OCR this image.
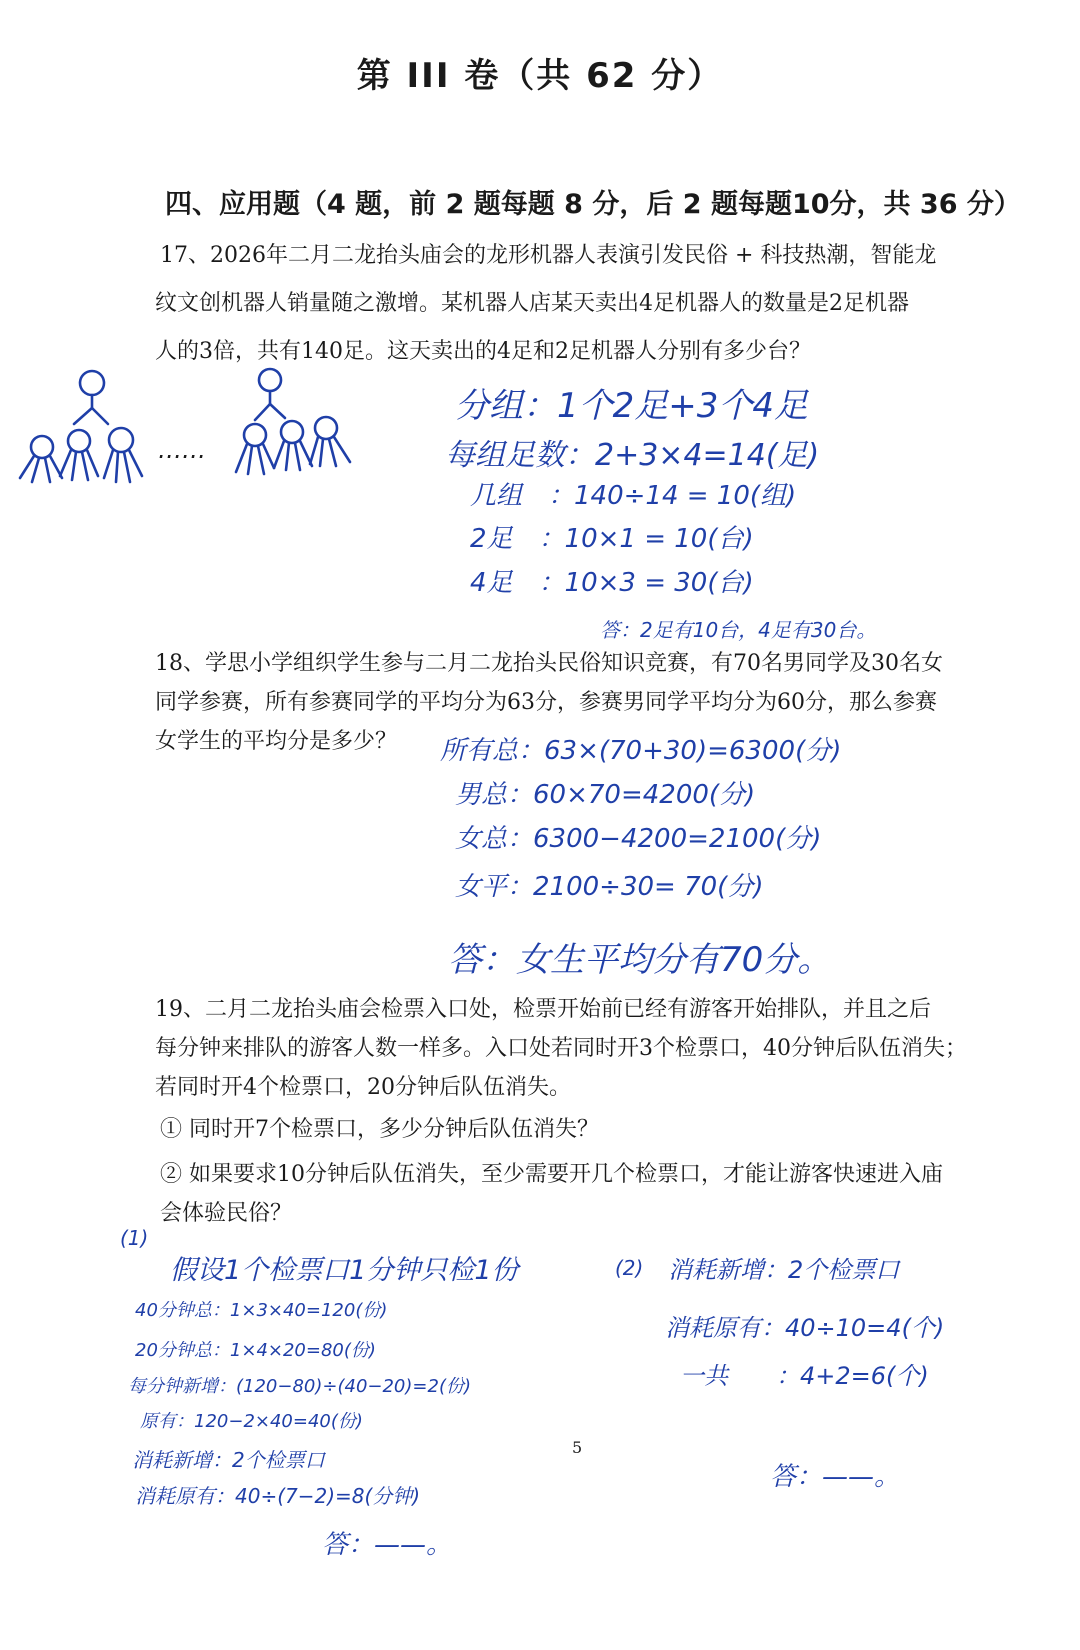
第 III 卷（共 62 分）
四、应用题（4 题，前 2 题每题 8 分，后 2 题每题10分，共 36 分）
17、2026年二月二龙抬头庙会的龙形机器人表演引发民俗 + 科技热潮，智能龙
纹文创机器人销量随之激增。某机器人店某天卖出4足机器人的数量是2足机器
人的3倍，共有140足。这天卖出的4足和2足机器人分别有多少台？
……
分组：1个2足+3个4足
每组足数：2+3×4=14(足)
几组　：140÷14 = 10(组)
2足　：10×1 = 10(台)
4足　：10×3 = 30(台)
答：2足有10台，4足有30台。
18、学思小学组织学生参与二月二龙抬头民俗知识竞赛，有70名男同学及30名女
同学参赛，所有参赛同学的平均分为63分，参赛男同学平均分为60分，那么参赛
女学生的平均分是多少？	所有总：63×(70+30)=6300(分)
男总：60×70=4200(分)
女总：6300−4200=2100(分)
女平：2100÷30= 70(分)
答：女生平均分有70分。
19、二月二龙抬头庙会检票入口处，检票开始前已经有游客开始排队，并且之后
每分钟来排队的游客人数一样多。入口处若同时开3个检票口，40分钟后队伍消失；
若同时开4个检票口，20分钟后队伍消失。
① 同时开7个检票口，多少分钟后队伍消失？
② 如果要求10分钟后队伍消失，至少需要开几个检票口，才能让游客快速进入庙
会体验民俗？
(1)
假设1个检票口1分钟只检1份
40分钟总：1×3×40=120(份)
20分钟总：1×4×20=80(份)
每分钟新增：(120−80)÷(40−20)=2(份)
原有：120−2×40=40(份)
消耗新增：2个检票口
消耗原有：40÷(7−2)=8(分钟)
答：——。
(2) 消耗新增：2个检票口
消耗原有：40÷10=4(个)
一共　　：4+2=6(个)
答：——。
5
